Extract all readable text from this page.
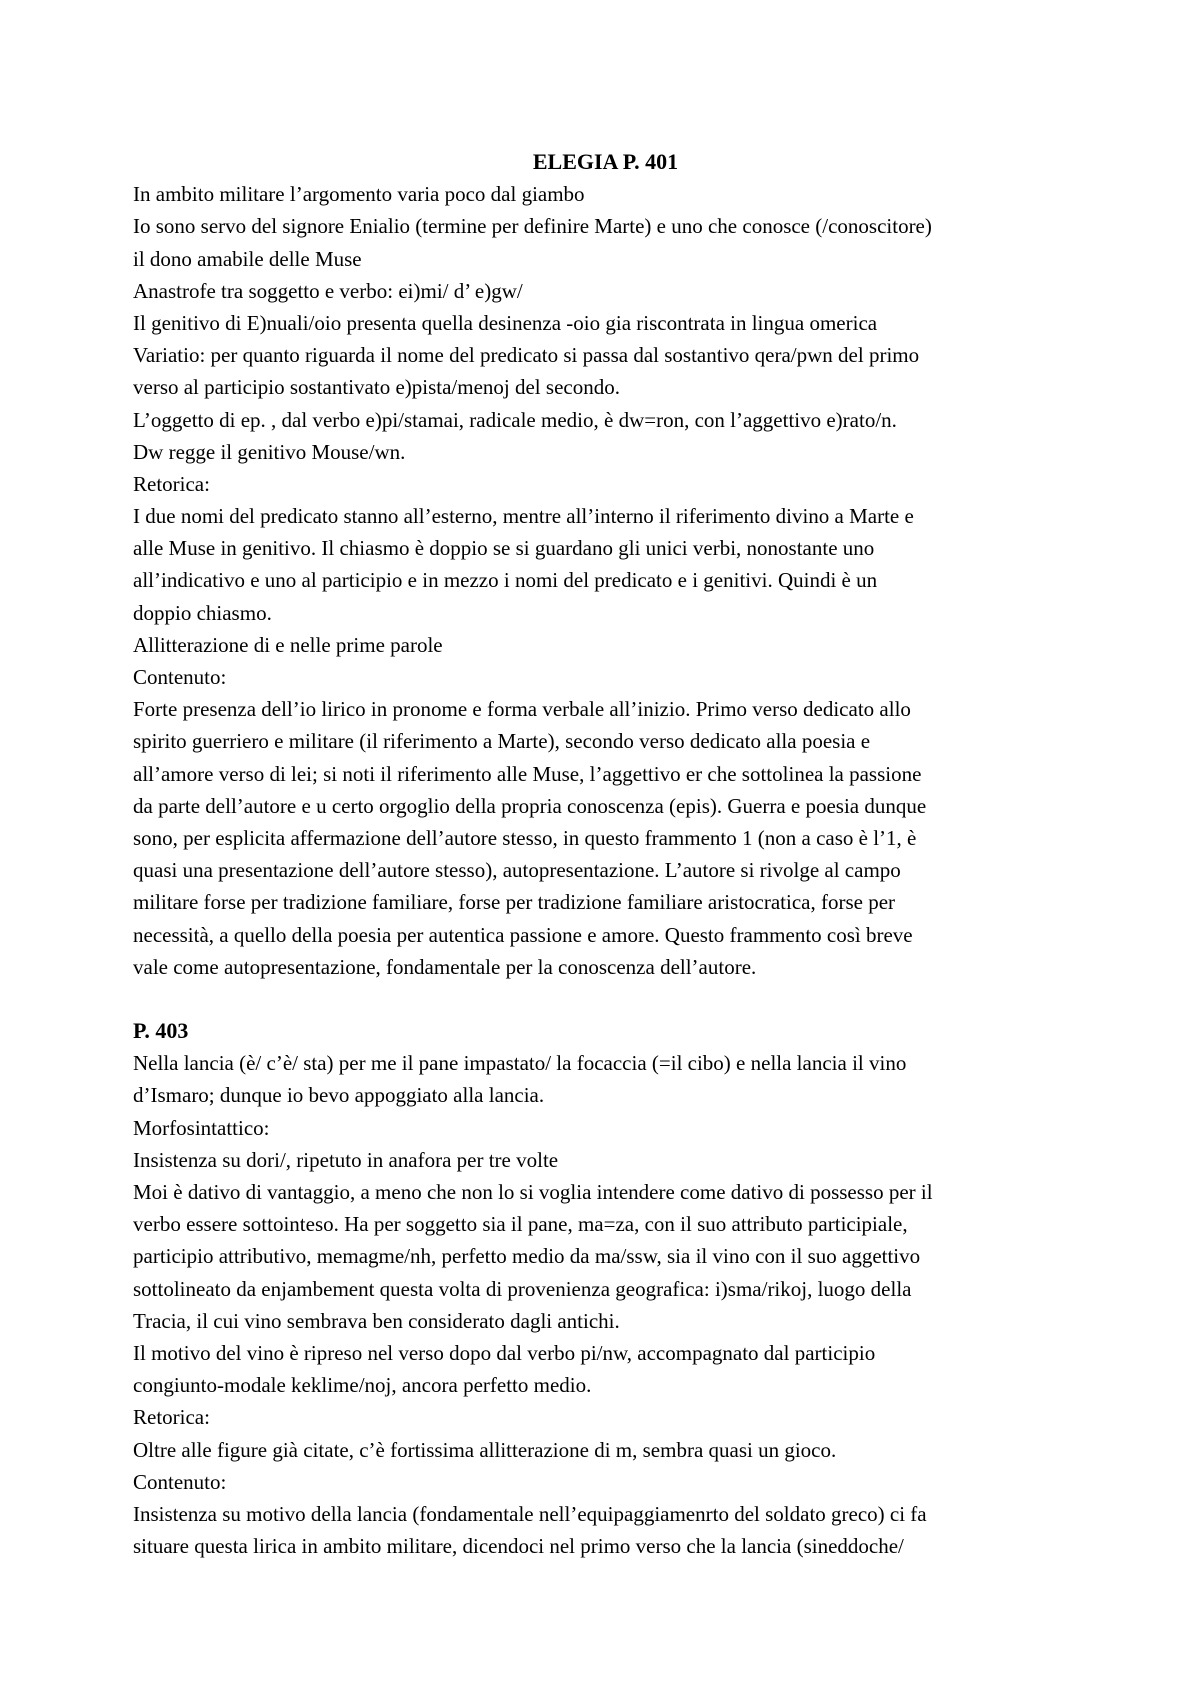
ELEGIA P. 401

In ambito militare l’argomento varia poco dal giambo

Io sono servo del signore Enialio (termine per definire Marte) e uno che conosce (/conoscitore)

il dono amabile delle Muse

Anastrofe tra soggetto e verbo: ei)mi/ d’ e)gw/

Il genitivo di E)nuali/oio presenta quella desinenza -oio gia riscontrata in lingua omerica

Variatio: per quanto riguarda il nome del predicato si passa dal sostantivo qera/pwn del primo

verso al participio sostantivato e)pista/menoj del secondo.

L’oggetto di ep. , dal verbo e)pi/stamai, radicale medio, è dw=ron, con l’aggettivo e)rato/n.

Dw regge il genitivo Mouse/wn.

Retorica:

I due nomi del predicato stanno all’esterno, mentre all’interno il riferimento divino a Marte e

alle Muse in genitivo. Il chiasmo è doppio se si guardano gli unici verbi, nonostante uno

all’indicativo e uno al participio e in mezzo i nomi del predicato e i genitivi. Quindi è un

doppio chiasmo.

Allitterazione di e nelle prime parole

Contenuto:

Forte presenza dell’io lirico in pronome e forma verbale all’inizio. Primo verso dedicato allo

spirito guerriero e militare (il riferimento a Marte), secondo verso dedicato alla poesia e

all’amore verso di lei; si noti il riferimento alle Muse, l’aggettivo er che sottolinea la passione

da parte dell’autore e u certo orgoglio della propria conoscenza (epis). Guerra e poesia dunque

sono, per esplicita affermazione dell’autore stesso, in questo frammento 1 (non a caso è l’1, è

quasi una presentazione dell’autore stesso), autopresentazione. L’autore si rivolge al campo

militare forse per tradizione familiare, forse per tradizione familiare aristocratica, forse per

necessità, a quello della poesia per autentica passione e amore. Questo frammento così breve

vale come autopresentazione, fondamentale per la conoscenza dell’autore.

P. 403

Nella lancia (è/ c’è/ sta) per me il pane impastato/ la focaccia (=il cibo) e nella lancia il vino

d’Ismaro; dunque io bevo appoggiato alla lancia.

Morfosintattico:

Insistenza su dori/, ripetuto in anafora per tre volte

Moi è dativo di vantaggio, a meno che non lo si voglia intendere come dativo di possesso per il

verbo essere sottointeso. Ha per soggetto sia il pane, ma=za, con il suo attributo participiale,

participio attributivo, memagme/nh, perfetto medio da ma/ssw, sia il vino con il suo aggettivo

sottolineato da enjambement questa volta di provenienza geografica: i)sma/rikoj, luogo della

Tracia, il cui vino sembrava ben considerato dagli antichi.

Il motivo del vino è ripreso nel verso dopo dal verbo pi/nw, accompagnato dal participio

congiunto-modale keklime/noj, ancora perfetto medio.

Retorica:

Oltre alle figure già citate, c’è fortissima allitterazione di m, sembra quasi un gioco.

Contenuto:

Insistenza su motivo della lancia (fondamentale nell’equipaggiamenrto del soldato greco) ci fa

situare questa lirica in ambito militare, dicendoci nel primo verso che la lancia (sineddoche/
